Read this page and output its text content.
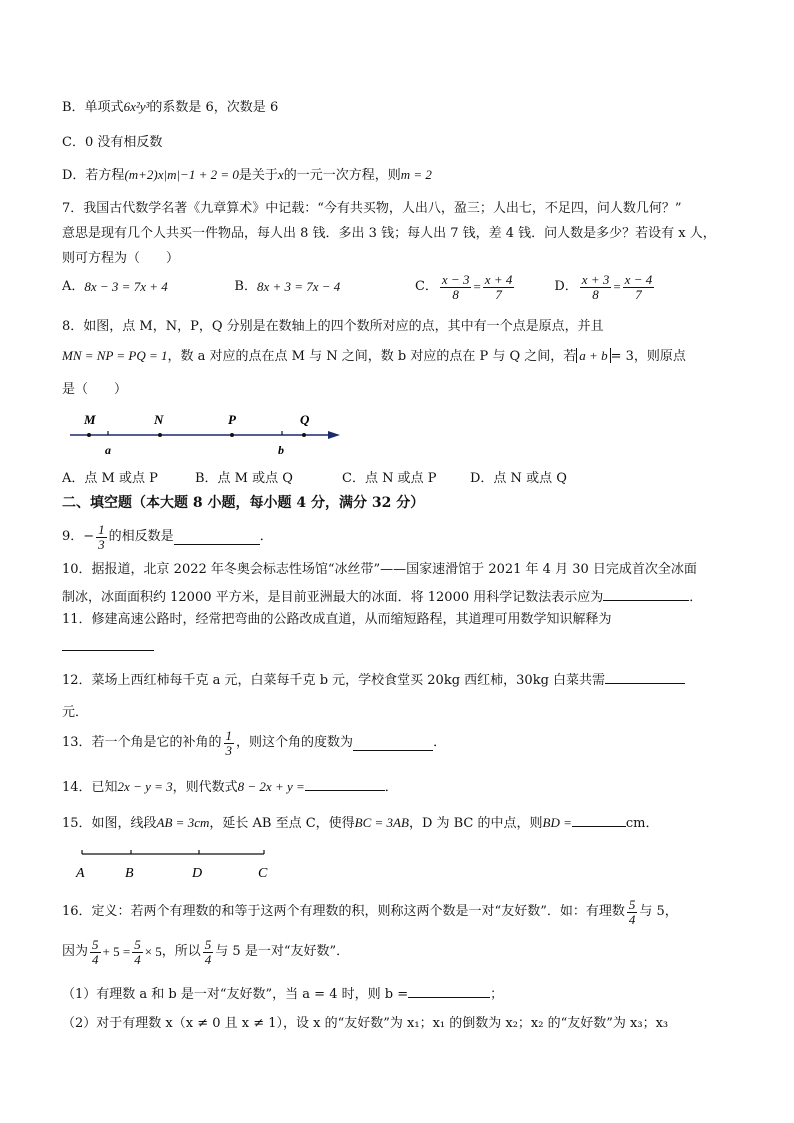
B．单项式6x²y³的系数是 6，次数是 6
C．0 没有相反数
D．若方程(m+2)x|m|−1 + 2 = 0是关于x的一元一次方程，则m = 2
7．我国古代数学名著《九章算术》中记载：“今有共买物，人出八，盈三；人出七，不足四，问人数几何？”
意思是现有几个人共买一件物品，每人出 8 钱．多出 3 钱；每人出 7 钱，差 4 钱．问人数是多少？若设有 x 人，
则可方程为（　　）
A． 8x − 3 = 7x + 4	B． 8x + 3 = 7x − 4	C． $\frac{x - 3}{8} = \frac{x + 4}{7}$	D． $\frac{x + 3}{8} = \frac{x - 4}{7}$
8．如图，点 M，N，P，Q 分别是在数轴上的四个数所对应的点，其中有一个点是原点，并且
MN = NP = PQ = 1，数 a 对应的点在点 M 与 N 之间，数 b 对应的点在 P 与 Q 之间，若 a + b = 3，则原点
是（　　）
M	N	P	Q
a	b
A．点 M 或点 P	B．点 M 或点 Q	C．点 N 或点 P	D．点 N 或点 Q
二、填空题（本大题 8 小题，每小题 4 分，满分 32 分）
9．− $\frac{1}{3}$ 的相反数是	．
10．据报道，北京 2022 年冬奥会标志性场馆“冰丝带”——国家速滑馆于 2021 年 4 月 30 日完成首次全冰面
制冰，冰面面积约 12000 平方米，是目前亚洲最大的冰面．将 12000 用科学记数法表示应为	．
11．修建高速公路时，经常把弯曲的公路改成直道，从而缩短路程，其道理可用数学知识解释为
12．菜场上西红柿每千克 a 元，白菜每千克 b 元，学校食堂买 20kg 西红柿，30kg 白菜共需
元．
13．若一个角是它的补角的 $\frac{1}{3}$ ，则这个角的度数为	．
14．已知2x − y = 3，则代数式8 − 2x + y =	．
15．如图，线段AB = 3cm，延长 AB 至点 C，使得BC = 3AB，D 为 BC 的中点，则BD =	cm．
A	B	D	C
16．定义：若两个有理数的和等于这两个有理数的积，则称这两个数是一对“友好数”．如：有理数 $\frac{5}{4}$ 与 5，
因为 $\frac{5}{4} + 5 = \frac{5}{4} \times 5$ ，所以 $\frac{5}{4}$ 与 5 是一对“友好数”．
（1）有理数 a 和 b 是一对“友好数”，当 a = 4 时，则 b =	；
（2）对于有理数 x（x ≠ 0 且 x ≠ 1），设 x 的“友好数”为 x₁；x₁ 的倒数为 x₂；x₂ 的“友好数”为 x₃；x₃
